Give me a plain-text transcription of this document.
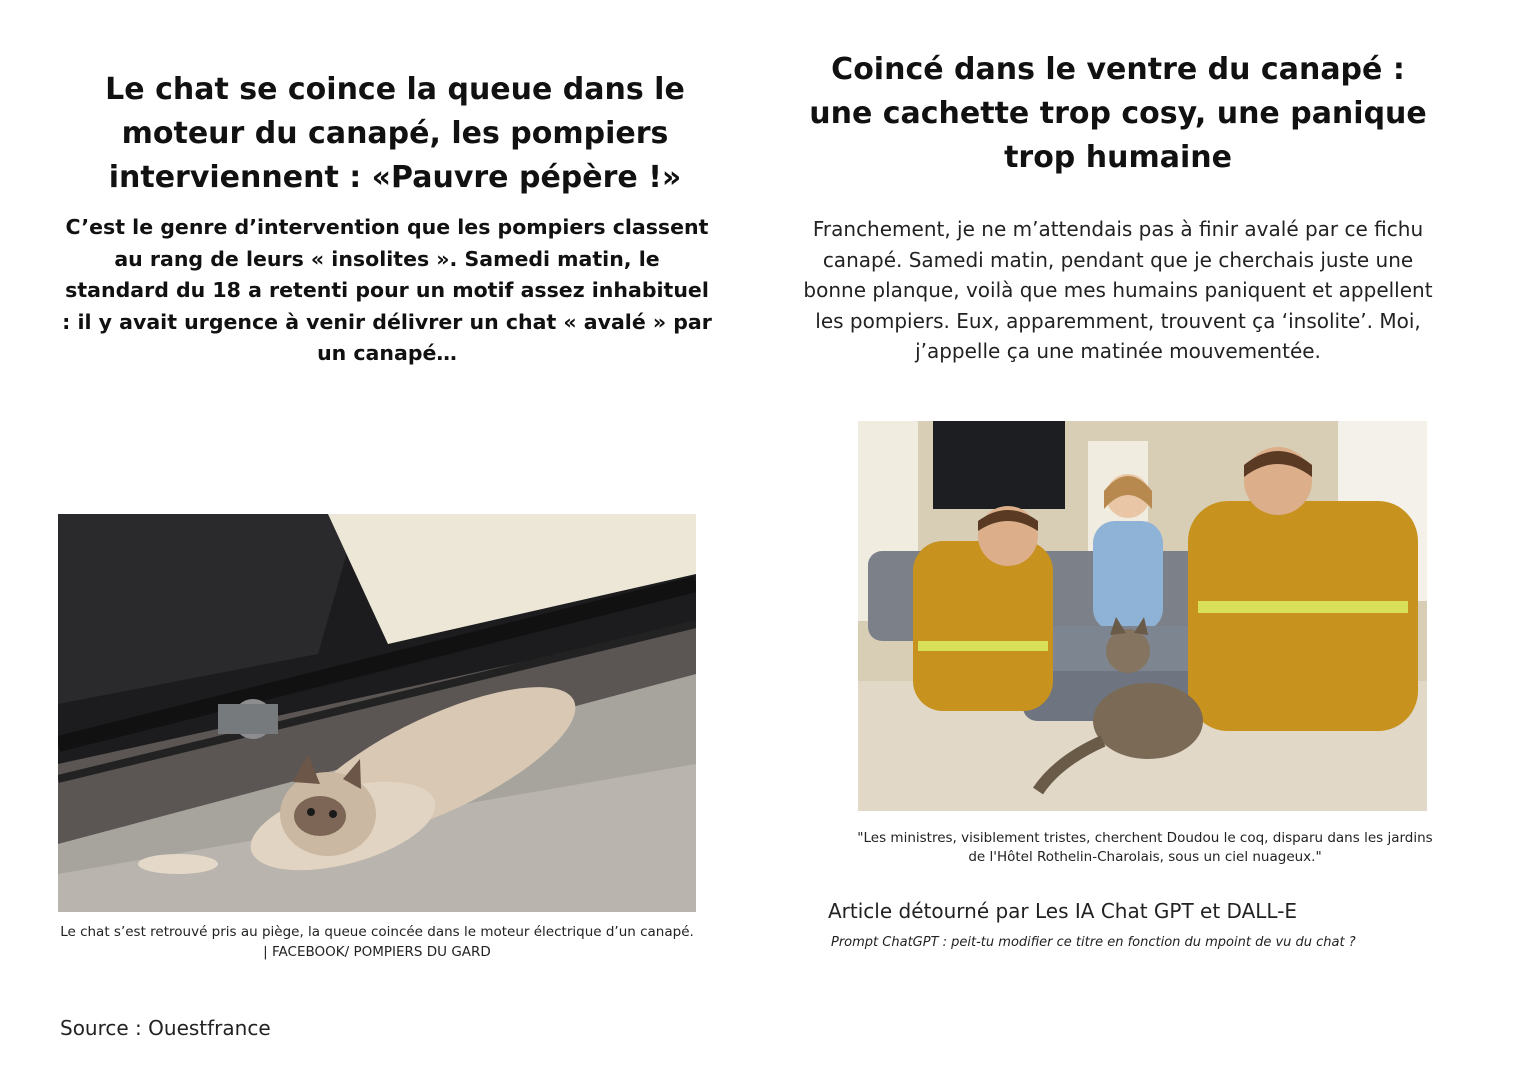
Le chat se coince la queue dans le moteur du canapé, les pompiers interviennent : «Pauvre pépère !»

C’est le genre d’intervention que les pompiers classent au rang de leurs « insolites ». Samedi matin, le standard du 18 a retenti pour un motif assez inhabituel : il y avait urgence à venir délivrer un chat « avalé » par un canapé…

Le chat s’est retrouvé pris au piège, la queue coincée dans le moteur électrique d’un canapé.
| FACEBOOK/ POMPIERS DU GARD

Source : Ouestfrance

Coincé dans le ventre du canapé : une cachette trop cosy, une panique trop humaine

Franchement, je ne m’attendais pas à finir avalé par ce fichu canapé. Samedi matin, pendant que je cherchais juste une bonne planque, voilà que mes humains paniquent et appellent les pompiers. Eux, apparemment, trouvent ça ‘insolite’. Moi, j’appelle ça une matinée mouvementée.

"Les ministres, visiblement tristes, cherchent Doudou le coq, disparu dans les jardins
de l'Hôtel Rothelin-Charolais, sous un ciel nuageux."

Article détourné par Les IA Chat GPT et DALL-E

Prompt ChatGPT : peit-tu modifier ce titre en fonction du mpoint de vu du chat ?
